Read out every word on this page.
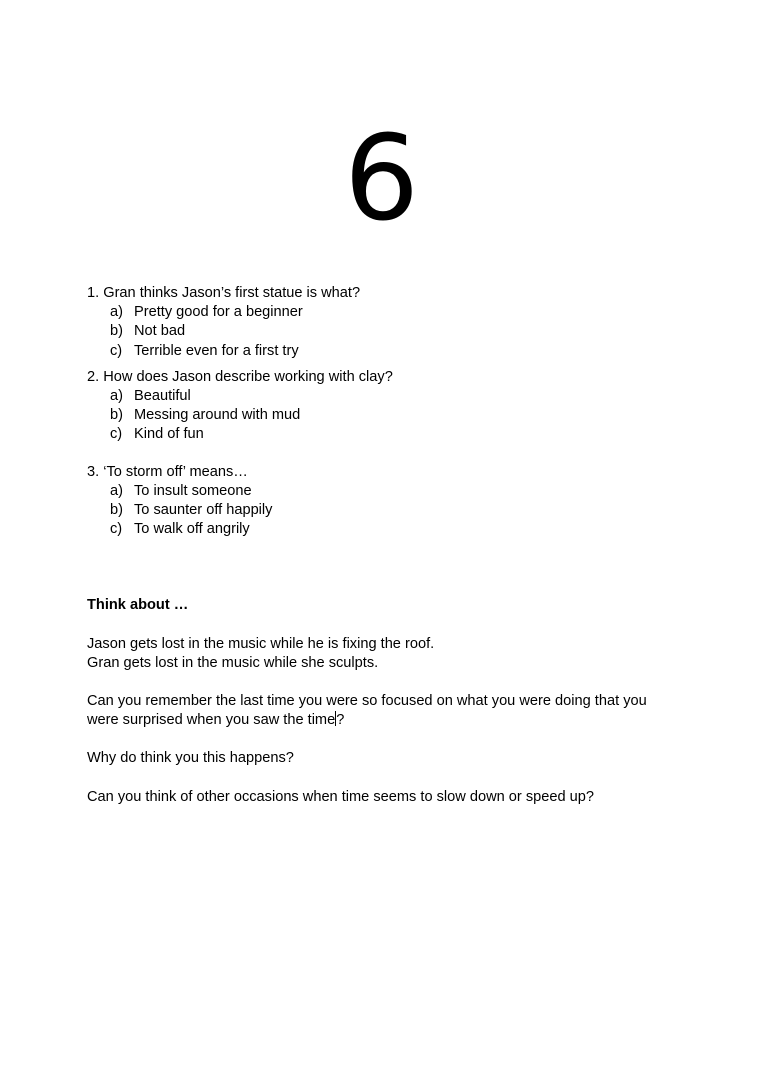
6

1. Gran thinks Jason’s first statue is what?

a) Pretty good for a beginner
b) Not bad
c) Terrible even for a first try

2. How does Jason describe working with clay?

a) Beautiful
b) Messing around with mud
c) Kind of fun

3. ‘To storm off’ means…

a) To insult someone
b) To saunter off happily
c) To walk off angrily
Think about …

Jason gets lost in the music while he is fixing the roof.
Gran gets lost in the music while she sculpts.

Can you remember the last time you were so focused on what you were doing that you
were surprised when you saw the time?

Why do think you this happens?

Can you think of other occasions when time seems to slow down or speed up?
